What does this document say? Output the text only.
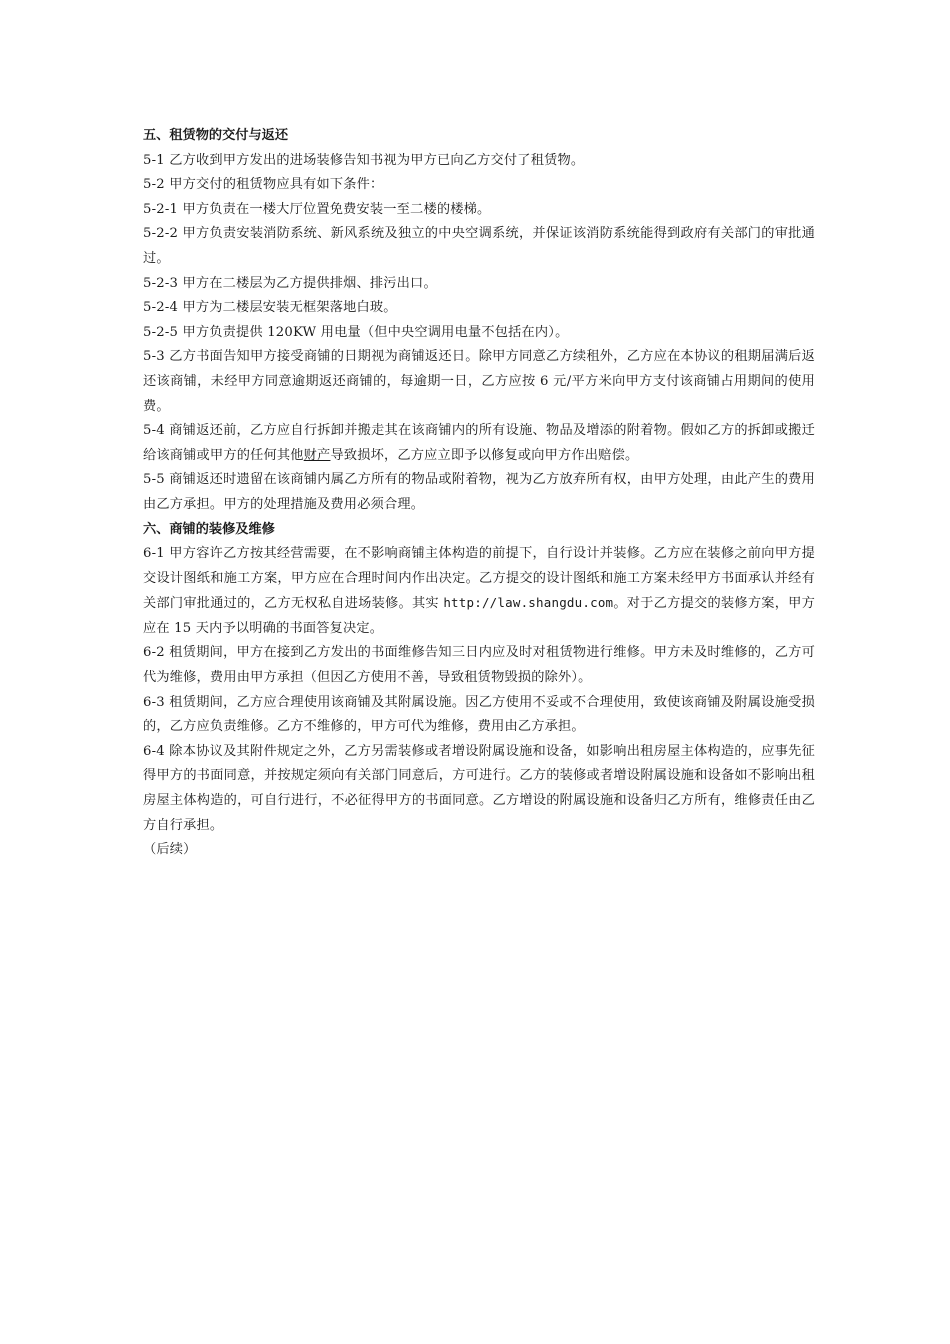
五、租赁物的交付与返还
5-1 乙方收到甲方发出的进场装修告知书视为甲方已向乙方交付了租赁物。
5-2 甲方交付的租赁物应具有如下条件：
5-2-1 甲方负责在一楼大厅位置免费安装一至二楼的楼梯。
5-2-2 甲方负责安装消防系统、新风系统及独立的中央空调系统，并保证该消防系统能得到政府有关部门的审批通过。
5-2-3 甲方在二楼层为乙方提供排烟、排污出口。
5-2-4 甲方为二楼层安装无框架落地白玻。
5-2-5 甲方负责提供 120KW 用电量（但中央空调用电量不包括在内）。
5-3 乙方书面告知甲方接受商铺的日期视为商铺返还日。除甲方同意乙方续租外，乙方应在本协议的租期届满后返还该商铺，未经甲方同意逾期返还商铺的，每逾期一日，乙方应按 6 元/平方米向甲方支付该商铺占用期间的使用费。
5-4 商铺返还前，乙方应自行拆卸并搬走其在该商铺内的所有设施、物品及增添的附着物。假如乙方的拆卸或搬迁给该商铺或甲方的任何其他财产导致损坏，乙方应立即予以修复或向甲方作出赔偿。
5-5 商铺返还时遗留在该商铺内属乙方所有的物品或附着物，视为乙方放弃所有权，由甲方处理，由此产生的费用由乙方承担。甲方的处理措施及费用必须合理。
六、商铺的装修及维修
6-1 甲方容许乙方按其经营需要，在不影响商铺主体构造的前提下，自行设计并装修。乙方应在装修之前向甲方提交设计图纸和施工方案，甲方应在合理时间内作出决定。乙方提交的设计图纸和施工方案未经甲方书面承认并经有关部门审批通过的，乙方无权私自进场装修。其实 http://law.shangdu.com。对于乙方提交的装修方案，甲方应在 15 天内予以明确的书面答复决定。
6-2 租赁期间，甲方在接到乙方发出的书面维修告知三日内应及时对租赁物进行维修。甲方未及时维修的，乙方可代为维修，费用由甲方承担（但因乙方使用不善，导致租赁物毁损的除外）。
6-3 租赁期间，乙方应合理使用该商铺及其附属设施。因乙方使用不妥或不合理使用，致使该商铺及附属设施受损的，乙方应负责维修。乙方不维修的，甲方可代为维修，费用由乙方承担。
6-4 除本协议及其附件规定之外，乙方另需装修或者增设附属设施和设备，如影响出租房屋主体构造的，应事先征得甲方的书面同意，并按规定须向有关部门同意后，方可进行。乙方的装修或者增设附属设施和设备如不影响出租房屋主体构造的，可自行进行，不必征得甲方的书面同意。乙方增设的附属设施和设备归乙方所有，维修责任由乙方自行承担。
（后续）
